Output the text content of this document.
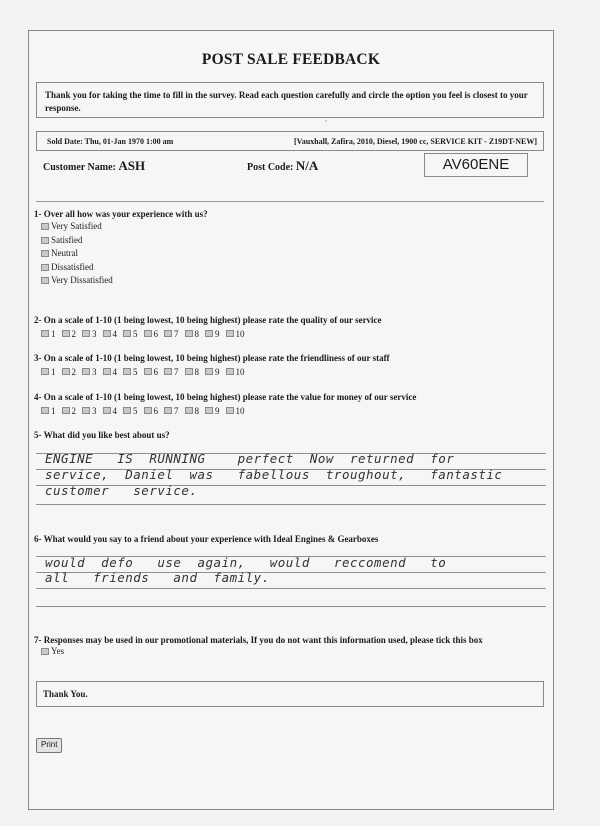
POST SALE FEEDBACK
Thank you for taking the time to fill in the survey. Read each question carefully and circle the option you feel is closest to your response.
Sold Date: Thu, 01-Jan 1970 1:00 am	[Vauxhall, Zafira, 2010, Diesel, 1900 cc, SERVICE KIT - Z19DT-NEW]
Customer Name: ASH	Post Code: N/A	AV60ENE
1- Over all how was your experience with us?
Very Satisfied
Satisfied
Neutral
Dissatisfied
Very Dissatisfied
2- On a scale of 1-10 (1 being lowest, 10 being highest) please rate the quality of our service
1 2 3 4 5 6 7 8 9 10
3- On a scale of 1-10 (1 being lowest, 10 being highest) please rate the friendliness of our staff
1 2 3 4 5 6 7 8 9 10
4- On a scale of 1-10 (1 being lowest, 10 being highest) please rate the value for money of our service
1 2 3 4 5 6 7 8 9 10
5- What did you like best about us?
ENGINE   IS  RUNNING    perfect  Now  returned  for
service,  Daniel  was   fabellous  troughout,   fantastic
customer   service.
6- What would you say to a friend about your experience with Ideal Engines & Gearboxes
would  defo   use  again,   would   reccomend   to
all   friends   and  family.
7- Responses may be used in our promotional materials, If you do not want this information used, please tick this box
Yes
Thank You.
Print
•
